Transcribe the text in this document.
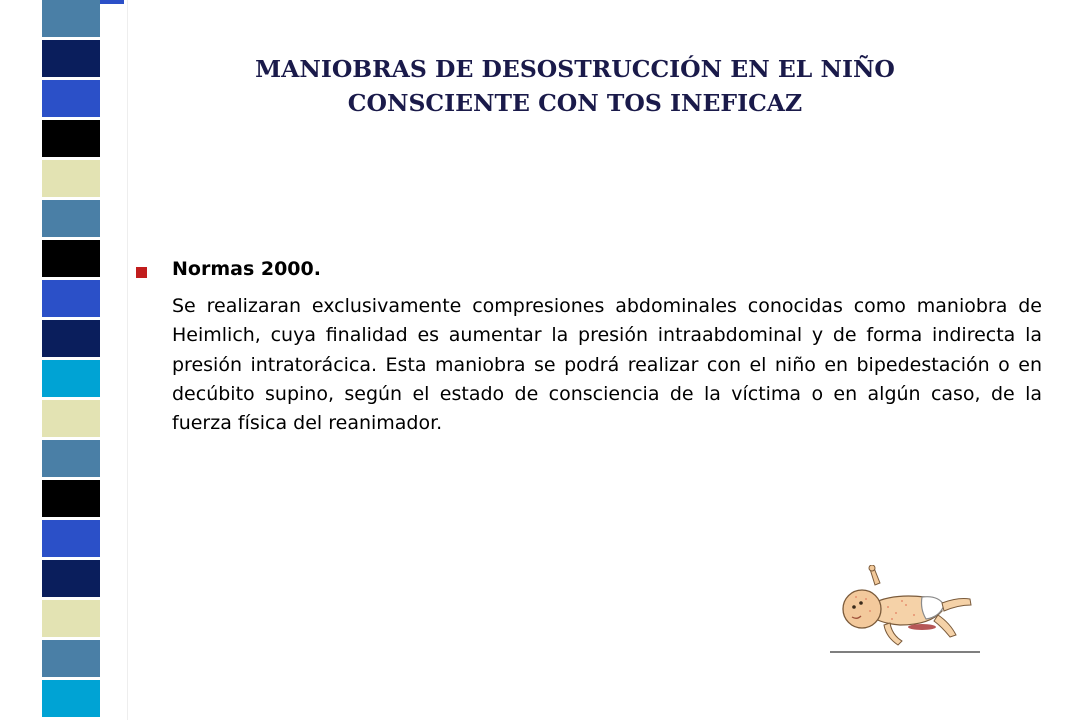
MANIOBRAS DE DESOSTRUCCIÓN EN EL NIÑO CONSCIENTE CON TOS INEFICAZ

Normas 2000.

Se realizaran exclusivamente compresiones abdominales conocidas como maniobra de Heimlich, cuya finalidad es aumentar la presión intraabdominal y de forma indirecta la presión intratorácica. Esta maniobra se podrá realizar con el niño en bipedestación o en decúbito supino, según el estado de consciencia de la víctima o en algún caso, de la fuerza física del reanimador.
